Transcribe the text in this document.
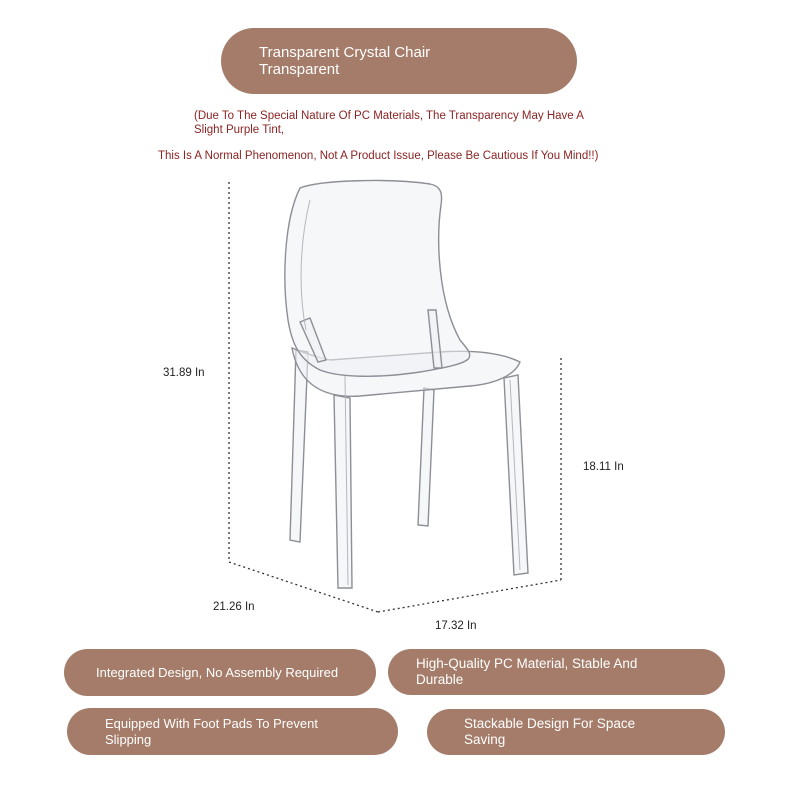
Transparent Crystal Chair
Transparent
(Due To The Special Nature Of PC Materials, The Transparency May Have A
Slight Purple Tint,
This Is A Normal Phenomenon, Not A Product Issue, Please Be Cautious If You Mind!!)
31.89 In
18.11 In
21.26 In
17.32 In
Integrated Design, No Assembly Required
High-Quality PC Material, Stable And
Durable
Equipped With Foot Pads To Prevent
Slipping
Stackable Design For Space
Saving
